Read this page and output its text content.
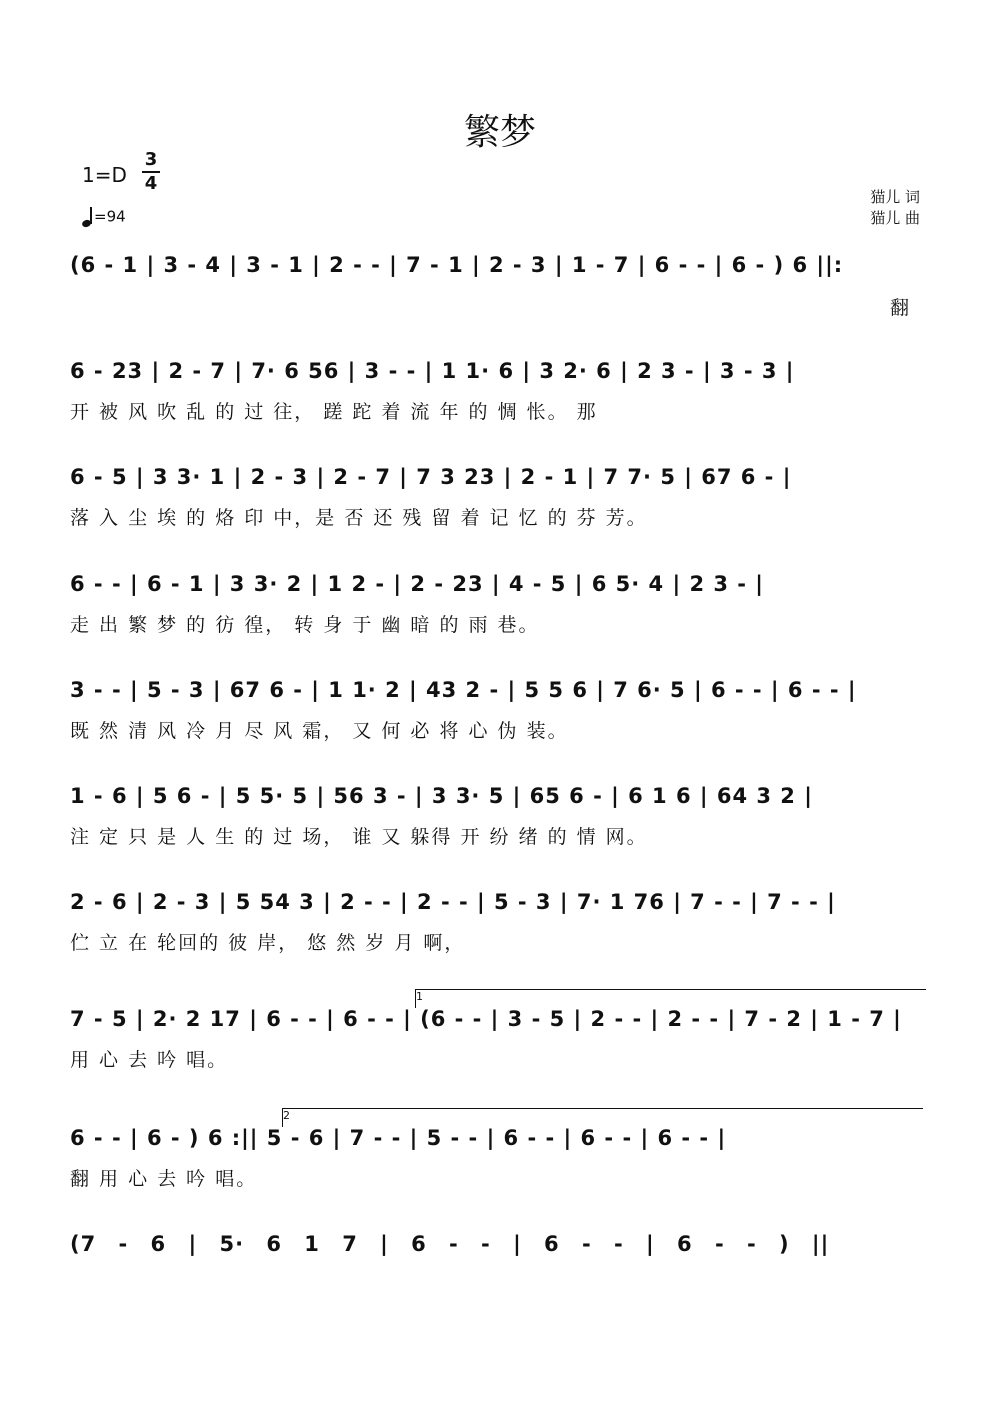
繁梦
1=D
3
4
=94
猫儿 词
猫儿 曲
(6 - 1 | 3 - 4 | 3 - 1 | 2 - - | 7 - 1 | 2 - 3 | 1 - 7 | 6 - - | 6 - ) 6 ||:
翻
6 - 23 | 2 - 7 | 7· 6 56 | 3 - - | 1 1· 6 | 3 2· 6 | 2 3 - | 3 - 3 |
开 被 风 吹 乱 的 过 往， 蹉 跎 着 流 年 的 惆 怅。 那
6 - 5 | 3 3· 1 | 2 - 3 | 2 - 7 | 7 3 23 | 2 - 1 | 7 7· 5 | 67 6 - |
落 入 尘 埃 的 烙 印 中，是 否 还 残 留 着 记 忆 的 芬 芳。
6 - - | 6 - 1 | 3 3· 2 | 1 2 - | 2 - 23 | 4 - 5 | 6 5· 4 | 2 3 - |
走 出 繁 梦 的 彷 徨， 转 身 于 幽 暗 的 雨 巷。
3 - - | 5 - 3 | 67 6 - | 1 1· 2 | 43 2 - | 5 5 6 | 7 6· 5 | 6 - - | 6 - - |
既 然 清 风 冷 月 尽 风 霜， 又 何 必 将 心 伪 装。
1 - 6 | 5 6 - | 5 5· 5 | 56 3 - | 3 3· 5 | 65 6 - | 6 1 6 | 64 3 2 |
注 定 只 是 人 生 的 过 场， 谁 又 躲得 开 纷 绪 的 情 网。
2 - 6 | 2 - 3 | 5 54 3 | 2 - - | 2 - - | 5 - 3 | 7· 1 76 | 7 - - | 7 - - |
伫 立 在 轮回的 彼 岸， 悠 然 岁 月 啊，
1
7 - 5 | 2· 2 17 | 6 - - | 6 - - | (6 - - | 3 - 5 | 2 - - | 2 - - | 7 - 2 | 1 - 7 |
用 心 去 吟 唱。
2
6 - - | 6 - ) 6 :|| 5 - 6 | 7 - - | 5 - - | 6 - - | 6 - - | 6 - - |
翻 用 心 去 吟 唱。
(7 - 6 | 5· 6 1 7 | 6 - - | 6 - - | 6 - - ) ||
